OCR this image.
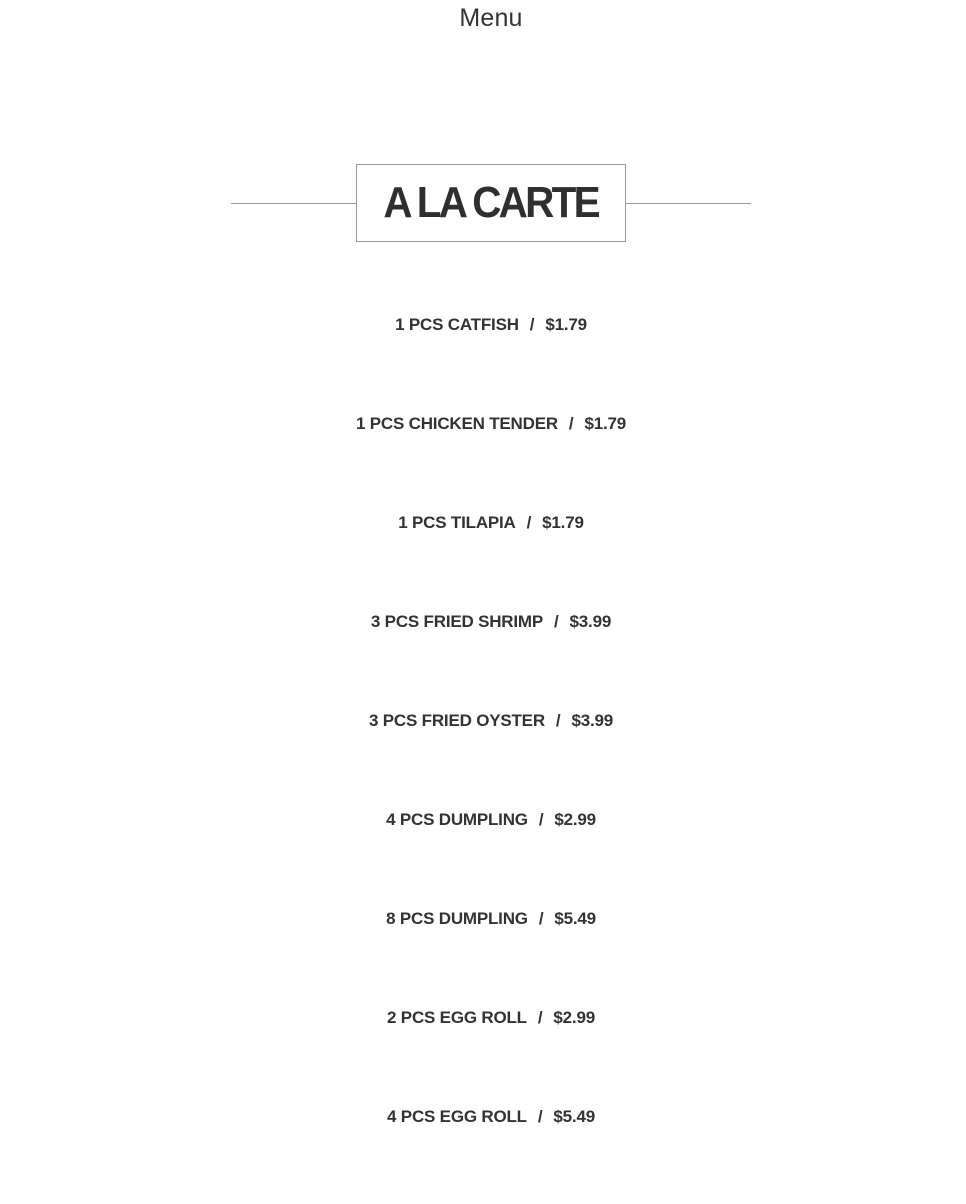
Menu
A LA CARTE
1 PCS CATFISH / $1.79
1 PCS CHICKEN TENDER / $1.79
1 PCS TILAPIA / $1.79
3 PCS FRIED SHRIMP / $3.99
3 PCS FRIED OYSTER / $3.99
4 PCS DUMPLING / $2.99
8 PCS DUMPLING / $5.49
2 PCS EGG ROLL / $2.99
4 PCS EGG ROLL / $5.49
